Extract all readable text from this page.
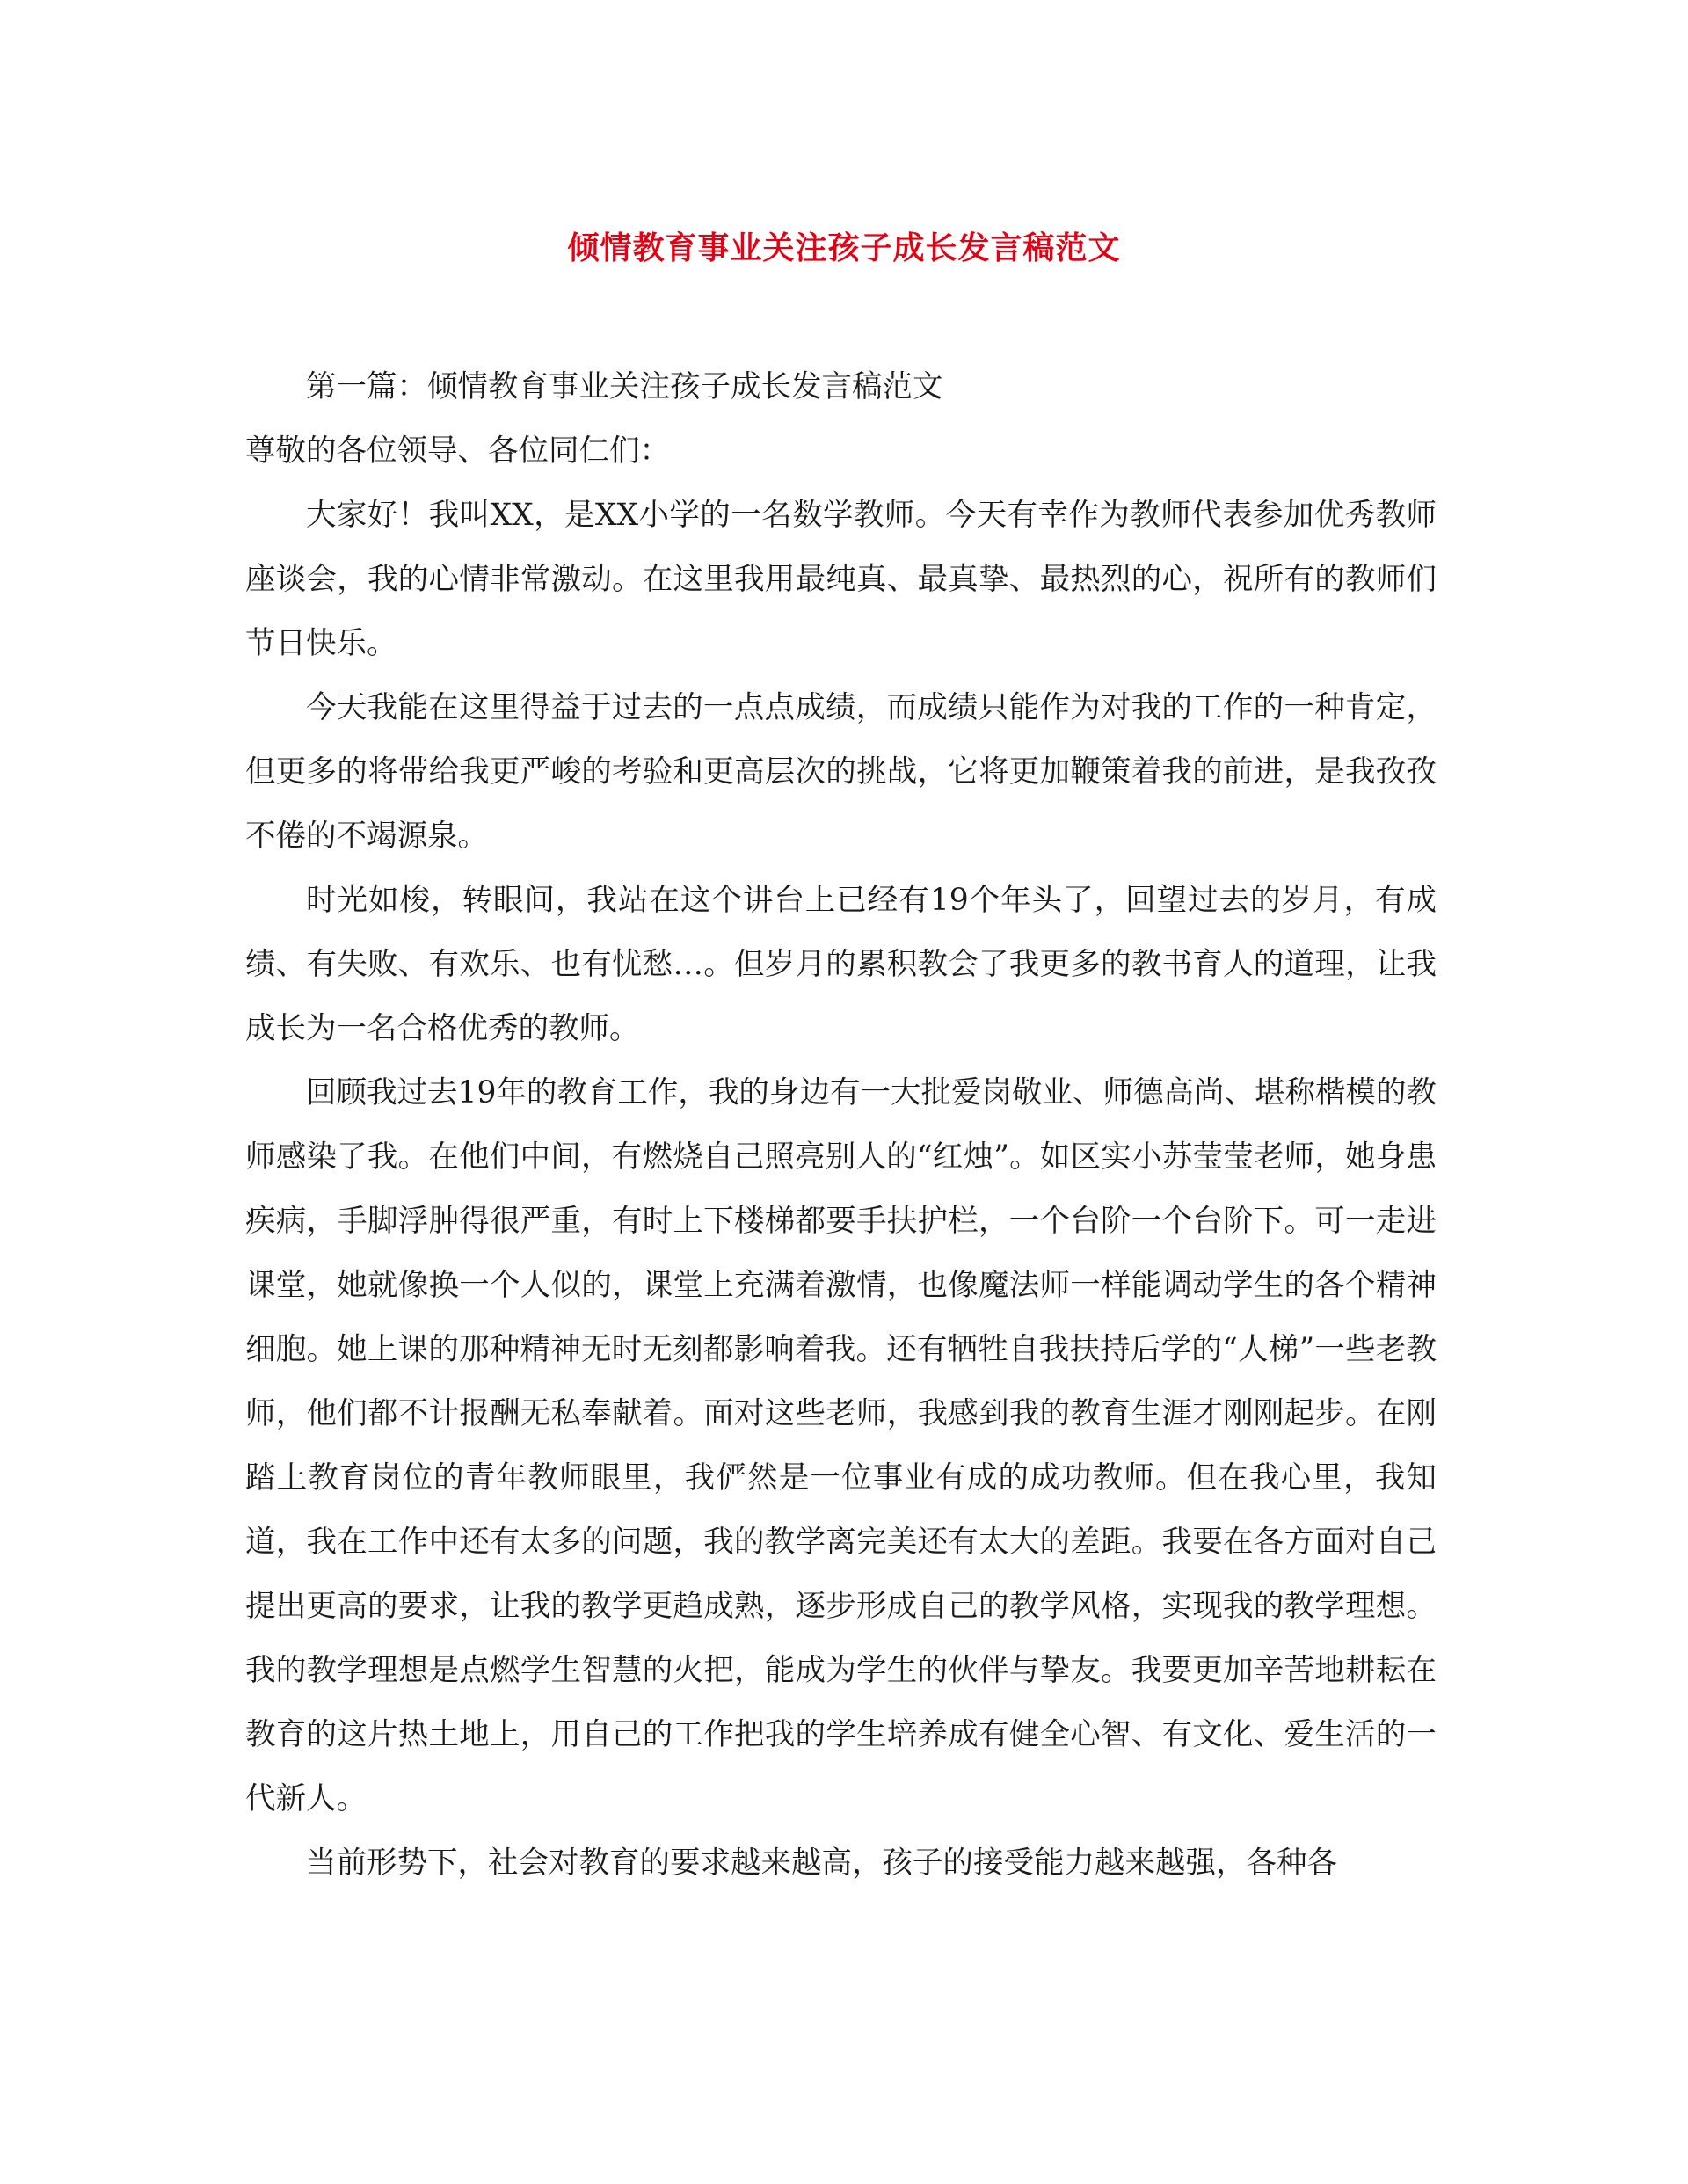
倾情教育事业关注孩子成长发言稿范文

第一篇：倾情教育事业关注孩子成长发言稿范文

尊敬的各位领导、各位同仁们：

大家好！我叫XX，是XX小学的一名数学教师。今天有幸作为教师代表参加优秀教师座谈会，我的心情非常激动。在这里我用最纯真、最真挚、最热烈的心，祝所有的教师们节日快乐。

今天我能在这里得益于过去的一点点成绩，而成绩只能作为对我的工作的一种肯定，但更多的将带给我更严峻的考验和更高层次的挑战，它将更加鞭策着我的前进，是我孜孜不倦的不竭源泉。

时光如梭，转眼间，我站在这个讲台上已经有19个年头了，回望过去的岁月，有成绩、有失败、有欢乐、也有忧愁…。但岁月的累积教会了我更多的教书育人的道理，让我成长为一名合格优秀的教师。

回顾我过去19年的教育工作，我的身边有一大批爱岗敬业、师德高尚、堪称楷模的教师感染了我。在他们中间，有燃烧自己照亮别人的“红烛”。如区实小苏莹莹老师，她身患疾病，手脚浮肿得很严重，有时上下楼梯都要手扶护栏，一个台阶一个台阶下。可一走进课堂，她就像换一个人似的，课堂上充满着激情，也像魔法师一样能调动学生的各个精神细胞。她上课的那种精神无时无刻都影响着我。还有牺牲自我扶持后学的“人梯”一些老教师，他们都不计报酬无私奉献着。面对这些老师，我感到我的教育生涯才刚刚起步。在刚踏上教育岗位的青年教师眼里，我俨然是一位事业有成的成功教师。但在我心里，我知道，我在工作中还有太多的问题，我的教学离完美还有太大的差距。我要在各方面对自己提出更高的要求，让我的教学更趋成熟，逐步形成自己的教学风格，实现我的教学理想。我的教学理想是点燃学生智慧的火把，能成为学生的伙伴与挚友。我要更加辛苦地耕耘在教育的这片热土地上，用自己的工作把我的学生培养成有健全心智、有文化、爱生活的一代新人。

当前形势下，社会对教育的要求越来越高，孩子的接受能力越来越强，各种各
